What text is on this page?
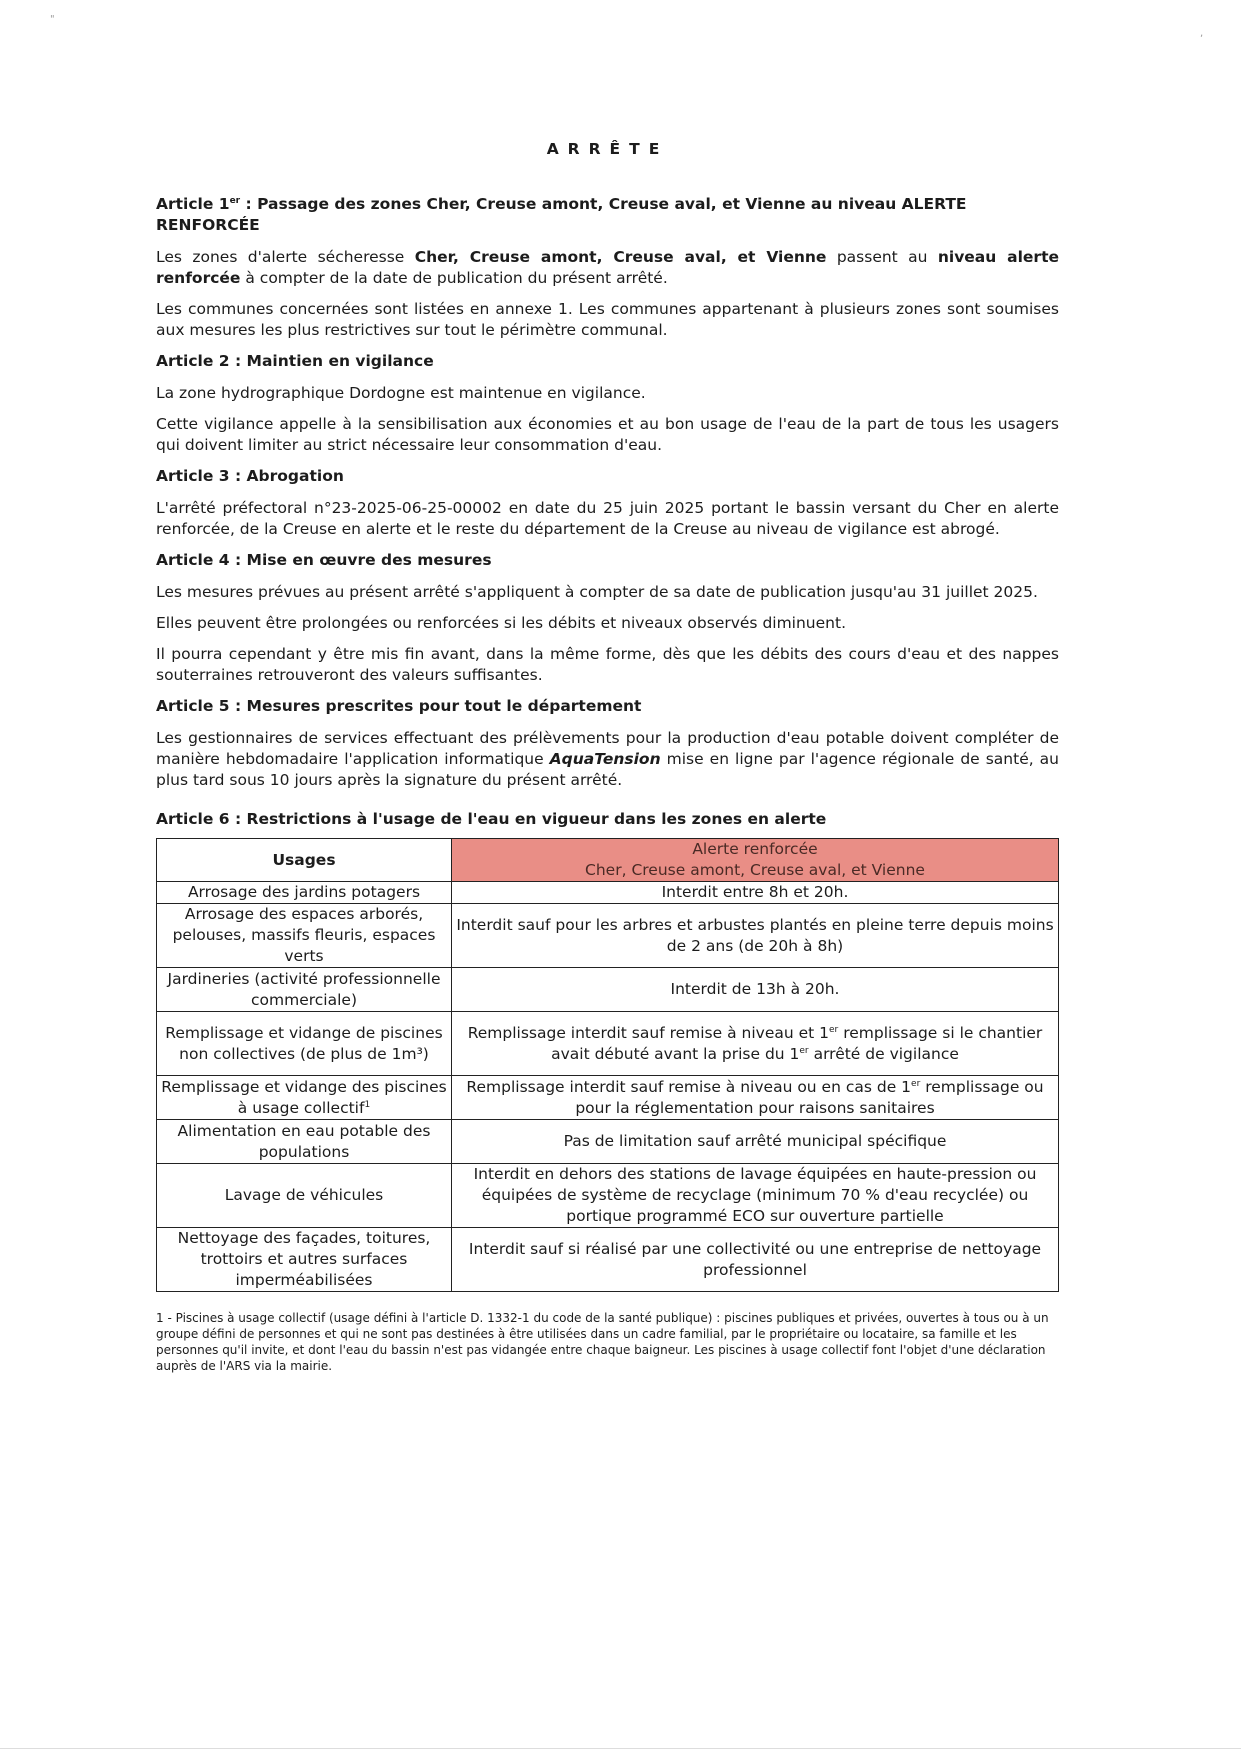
"
,
ARRÊTE
Article 1er : Passage des zones Cher, Creuse amont, Creuse aval, et Vienne au niveau ALERTE RENFORCÉE
Les zones d'alerte sécheresse Cher, Creuse amont, Creuse aval, et Vienne passent au niveau alerte renforcée à compter de la date de publication du présent arrêté.
Les communes concernées sont listées en annexe 1. Les communes appartenant à plusieurs zones sont soumises aux mesures les plus restrictives sur tout le périmètre communal.
Article 2 : Maintien en vigilance
La zone hydrographique Dordogne est maintenue en vigilance.
Cette vigilance appelle à la sensibilisation aux économies et au bon usage de l'eau de la part de tous les usagers qui doivent limiter au strict nécessaire leur consommation d'eau.
Article 3 : Abrogation
L'arrêté préfectoral n°23-2025-06-25-00002 en date du 25 juin 2025 portant le bassin versant du Cher en alerte renforcée, de la Creuse en alerte et le reste du département de la Creuse au niveau de vigilance est abrogé.
Article 4 : Mise en œuvre des mesures
Les mesures prévues au présent arrêté s'appliquent à compter de sa date de publication jusqu'au 31 juillet 2025.
Elles peuvent être prolongées ou renforcées si les débits et niveaux observés diminuent.
Il pourra cependant y être mis fin avant, dans la même forme, dès que les débits des cours d'eau et des nappes souterraines retrouveront des valeurs suffisantes.
Article 5 : Mesures prescrites pour tout le département
Les gestionnaires de services effectuant des prélèvements pour la production d'eau potable doivent compléter de manière hebdomadaire l'application informatique AquaTension mise en ligne par l'agence régionale de santé, au plus tard sous 10 jours après la signature du présent arrêté.
Article 6 : Restrictions à l'usage de l'eau en vigueur dans les zones en alerte
Usages	Alerte renforcée
Cher, Creuse amont, Creuse aval, et Vienne

Arrosage des jardins potagers	Interdit entre 8h et 20h.
Arrosage des espaces arborés, pelouses, massifs fleuris, espaces verts	Interdit sauf pour les arbres et arbustes plantés en pleine terre depuis moins de 2 ans (de 20h à 8h)
Jardineries (activité professionnelle commerciale)	Interdit de 13h à 20h.
Remplissage et vidange de piscines non collectives (de plus de 1m³)	Remplissage interdit sauf remise à niveau et 1er remplissage si le chantier avait débuté avant la prise du 1er arrêté de vigilance
Remplissage et vidange des piscines à usage collectif$^1$	Remplissage interdit sauf remise à niveau ou en cas de 1er remplissage ou pour la réglementation pour raisons sanitaires
Alimentation en eau potable des populations	Pas de limitation sauf arrêté municipal spécifique
Lavage de véhicules	Interdit en dehors des stations de lavage équipées en haute-pression ou équipées de système de recyclage (minimum 70 % d'eau recyclée) ou portique programmé ECO sur ouverture partielle
Nettoyage des façades, toitures, trottoirs et autres surfaces imperméabilisées	Interdit sauf si réalisé par une collectivité ou une entreprise de nettoyage professionnel
1 - Piscines à usage collectif (usage défini à l'article D. 1332-1 du code de la santé publique) : piscines publiques et privées, ouvertes à tous ou à un groupe défini de personnes et qui ne sont pas destinées à être utilisées dans un cadre familial, par le propriétaire ou locataire, sa famille et les personnes qu'il invite, et dont l'eau du bassin n'est pas vidangée entre chaque baigneur. Les piscines à usage collectif font l'objet d'une déclaration auprès de l'ARS via la mairie.
